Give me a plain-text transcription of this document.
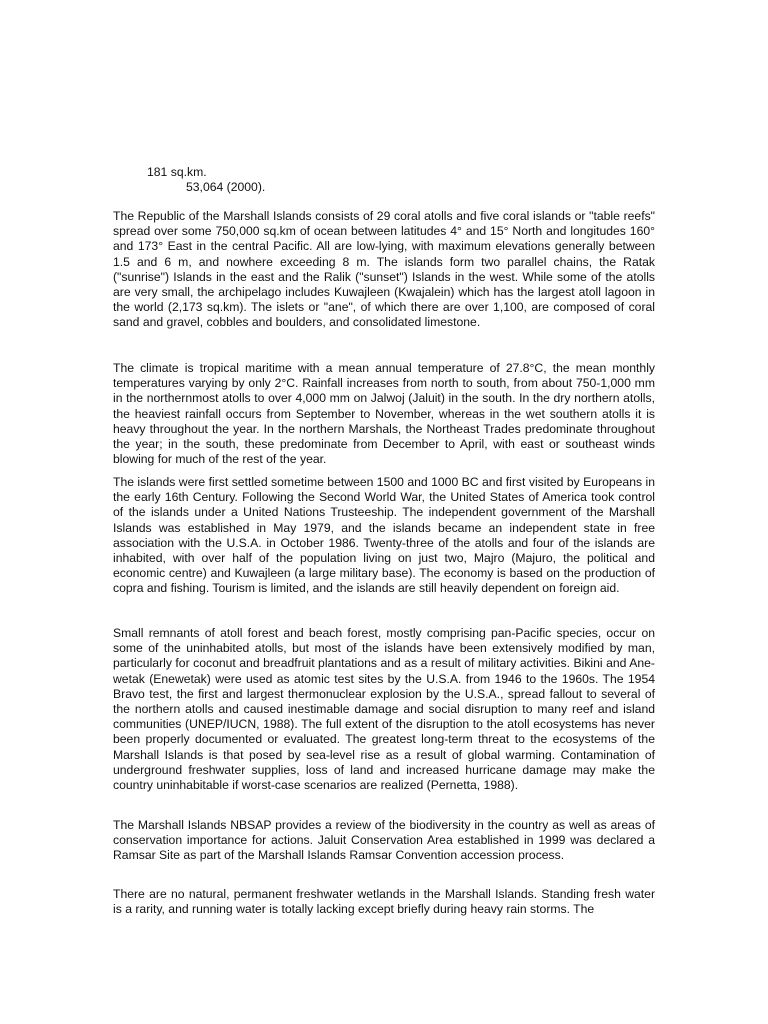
181 sq.km.
53,064 (2000).

The Republic of the Marshall Islands consists of 29 coral atolls and five coral islands or "table reefs" spread over some 750,000 sq.km of ocean between latitudes 4° and 15° North and longitudes 160° and 173° East in the central Pacific. All are low-lying, with maximum elevations generally between 1.5 and 6 m, and nowhere exceeding 8 m. The islands form two parallel chains, the Ratak ("sunrise") Islands in the east and the Ralik ("sunset") Islands in the west. While some of the atolls are very small, the archipelago includes Kuwajleen (Kwajalein) which has the largest atoll lagoon in the world (2,173 sq.km). The islets or "ane", of which there are over 1,100, are composed of coral sand and gravel, cobbles and boulders, and consolidated limestone.

The climate is tropical maritime with a mean annual temperature of 27.8°C, the mean monthly temperatures varying by only 2°C. Rainfall increases from north to south, from about 750-1,000 mm in the northernmost atolls to over 4,000 mm on Jalwoj (Jaluit) in the south. In the dry northern atolls, the heaviest rainfall occurs from September to November, whereas in the wet southern atolls it is heavy throughout the year. In the northern Marshals, the Northeast Trades predominate throughout the year; in the south, these predominate from December to April, with east or southeast winds blowing for much of the rest of the year.

The islands were first settled sometime between 1500 and 1000 BC and first visited by Europeans in the early 16th Century. Following the Second World War, the United States of America took control of the islands under a United Nations Trusteeship. The independent government of the Marshall Islands was established in May 1979, and the islands became an independent state in free association with the U.S.A. in October 1986. Twenty-three of the atolls and four of the islands are inhabited, with over half of the population living on just two, Majro (Majuro, the political and economic centre) and Kuwajleen (a large military base). The economy is based on the production of copra and fishing. Tourism is limited, and the islands are still heavily dependent on foreign aid.

Small remnants of atoll forest and beach forest, mostly comprising pan-Pacific species, occur on some of the uninhabited atolls, but most of the islands have been extensively modified by man, particularly for coconut and breadfruit plantations and as a result of military activities. Bikini and Ane-wetak (Enewetak) were used as atomic test sites by the U.S.A. from 1946 to the 1960s. The 1954 Bravo test, the first and largest thermonuclear explosion by the U.S.A., spread fallout to several of the northern atolls and caused inestimable damage and social disruption to many reef and island communities (UNEP/IUCN, 1988). The full extent of the disruption to the atoll ecosystems has never been properly documented or evaluated. The greatest long-term threat to the ecosystems of the Marshall Islands is that posed by sea-level rise as a result of global warming. Contamination of underground freshwater supplies, loss of land and increased hurricane damage may make the country uninhabitable if worst-case scenarios are realized (Pernetta, 1988).

The Marshall Islands NBSAP provides a review of the biodiversity in the country as well as areas of conservation importance for actions. Jaluit Conservation Area established in 1999 was declared a Ramsar Site as part of the Marshall Islands Ramsar Convention accession process.

There are no natural, permanent freshwater wetlands in the Marshall Islands. Standing fresh water is a rarity, and running water is totally lacking except briefly during heavy rain storms. The
